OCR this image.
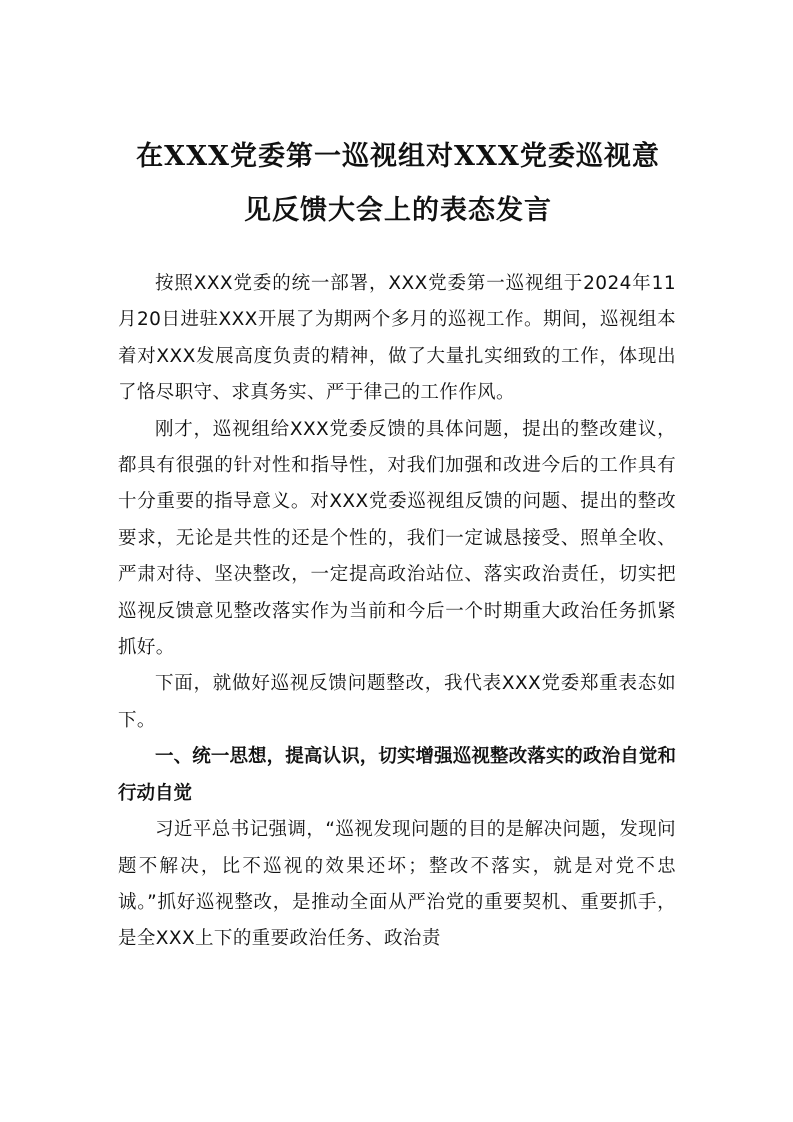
在XXX党委第一巡视组对XXX党委巡视意
见反馈大会上的表态发言

按照XXX党委的统一部署，XXX党委第一巡视组于2024年11月20日进驻XXX开展了为期两个多月的巡视工作。期间，巡视组本着对XXX发展高度负责的精神，做了大量扎实细致的工作，体现出了恪尽职守、求真务实、严于律己的工作作风。

刚才，巡视组给XXX党委反馈的具体问题，提出的整改建议，都具有很强的针对性和指导性，对我们加强和改进今后的工作具有十分重要的指导意义。对XXX党委巡视组反馈的问题、提出的整改要求，无论是共性的还是个性的，我们一定诚恳接受、照单全收、严肃对待、坚决整改，一定提高政治站位、落实政治责任，切实把巡视反馈意见整改落实作为当前和今后一个时期重大政治任务抓紧抓好。

下面，就做好巡视反馈问题整改，我代表XXX党委郑重表态如下。

一、统一思想，提高认识，切实增强巡视整改落实的政治自觉和行动自觉

习近平总书记强调，“巡视发现问题的目的是解决问题，发现问题不解决，比不巡视的效果还坏；整改不落实，就是对党不忠诚。”抓好巡视整改，是推动全面从严治党的重要契机、重要抓手，是全XXX上下的重要政治任务、政治责
